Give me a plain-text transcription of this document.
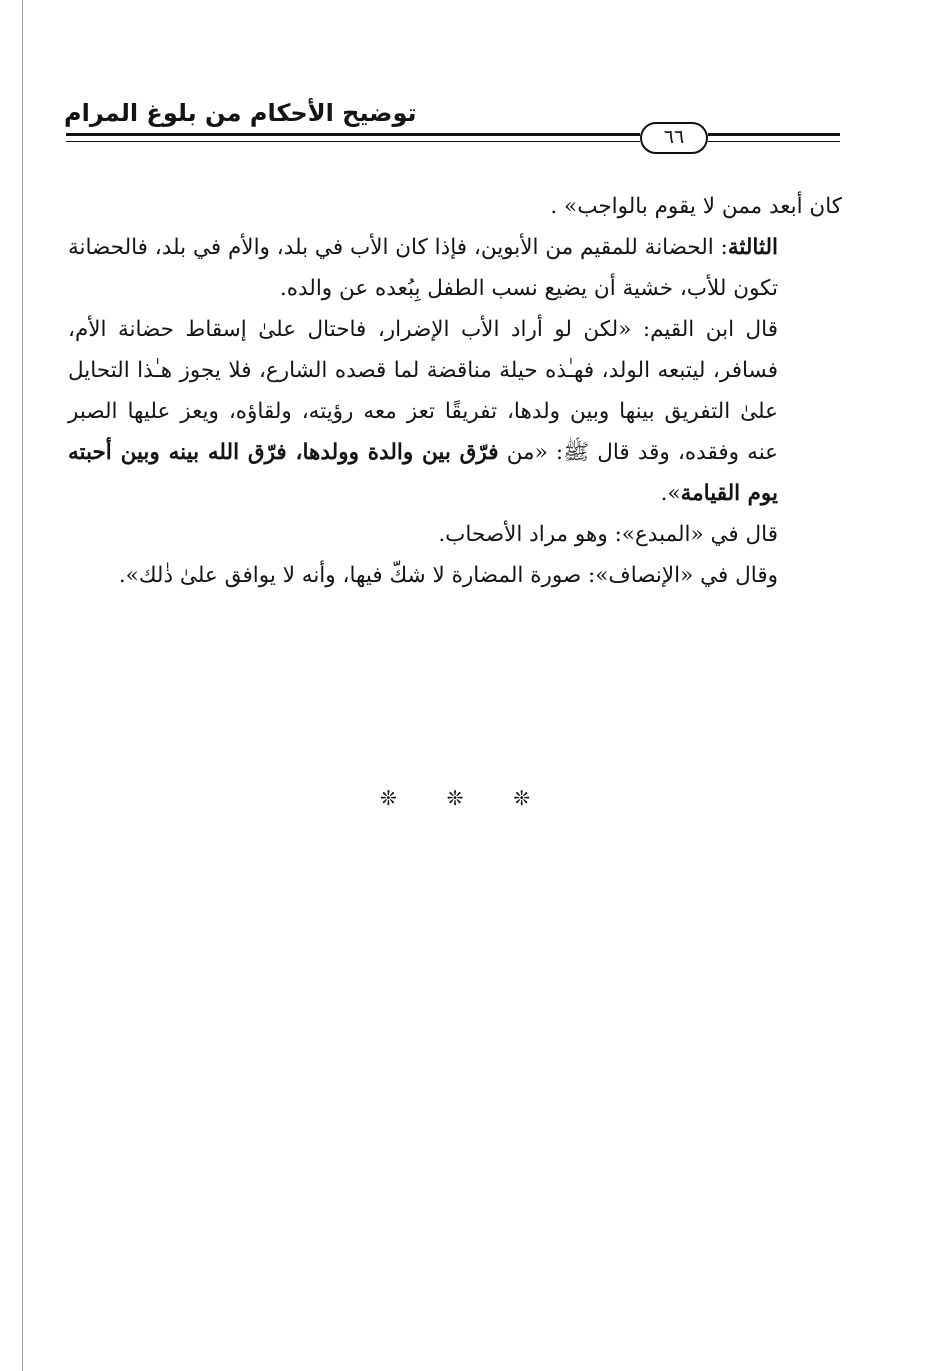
توضيح الأحكام من بلوغ المرام
٦٦

كان أبعد ممن لا يقوم بالواجب» .

الثالثة: الحضانة للمقيم من الأبوين، فإذا كان الأب في بلد، والأم في بلد، فالحضانة تكون للأب، خشية أن يضيع نسب الطفل بِبُعده عن والده.

قال ابن القيم: «لكن لو أراد الأب الإضرار، فاحتال علىٰ إسقاط حضانة الأم، فسافر، ليتبعه الولد، فهـٰذه حيلة مناقضة لما قصده الشارع، فلا يجوز هـٰذا التحايل علىٰ التفريق بينها وبين ولدها، تفريقًا تعز معه رؤيته، ولقاؤه، ويعز عليها الصبر عنه وفقده، وقد قال ﷺ: «من فرّق بين والدة وولدها، فرّق الله بينه وبين أحبته يوم القيامة».

قال في «المبدع»: وهو مراد الأصحاب.

وقال في «الإنصاف»: صورة المضارة لا شكّ فيها، وأنه لا يوافق علىٰ ذٰلك».

❊ ❊ ❊
